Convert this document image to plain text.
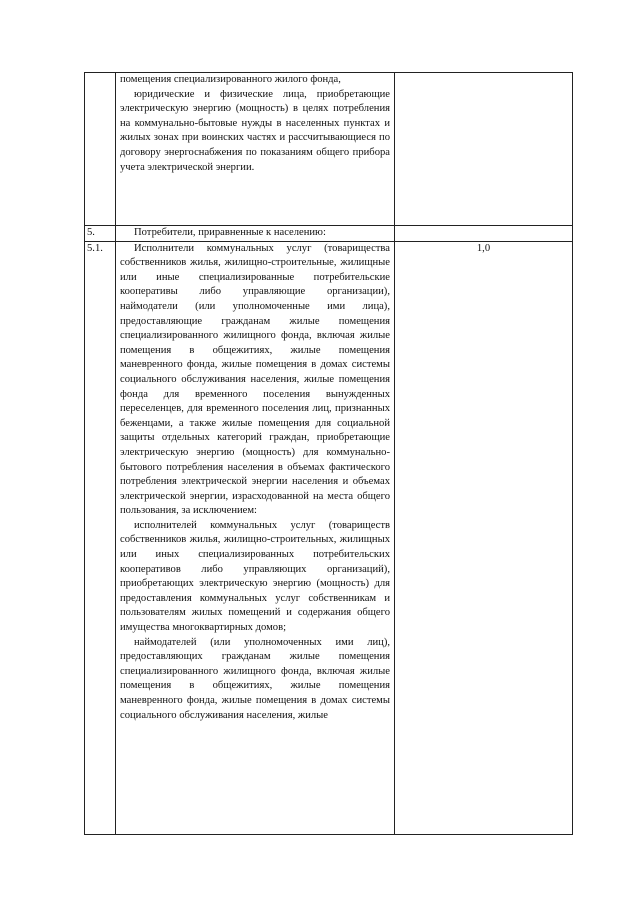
	помещения специализированного жилого фонда,

юридические и физические лица, приобретающие электрическую энергию (мощность) в целях потребления на коммунально-бытовые нужды в населенных пунктах и жилых зонах при воинских частях и рассчитывающиеся по договору энергоснабжения по показаниям общего прибора учета электрической энергии.	

5.	Потребители, приравненные к населению:	

5.1.	Исполнители коммунальных услуг (товарищества собственников жилья, жилищно-строительные, жилищные или иные специализированные потребительские кооперативы либо управляющие организации), наймодатели (или уполномоченные ими лица), предоставляющие гражданам жилые помещения специализированного жилищного фонда, включая жилые помещения в общежитиях, жилые помещения маневренного фонда, жилые помещения в домах системы социального обслуживания населения, жилые помещения фонда для временного поселения вынужденных переселенцев, для временного поселения лиц, признанных беженцами, а также жилые помещения для социальной защиты отдельных категорий граждан, приобретающие электрическую энергию (мощность) для коммунально-бытового потребления населения в объемах фактического потребления электрической энергии населения и объемах электрической энергии, израсходованной на места общего пользования, за исключением:

исполнителей коммунальных услуг (товариществ собственников жилья, жилищно-строительных, жилищных или иных специализированных потребительских кооперативов либо управляющих организаций), приобретающих электрическую энергию (мощность) для предоставления коммунальных услуг собственникам и пользователям жилых помещений и содержания общего имущества многоквартирных домов;

наймодателей (или уполномоченных ими лиц), предоставляющих гражданам жилые помещения специализированного жилищного фонда, включая жилые помещения в общежитиях, жилые помещения маневренного фонда, жилые помещения в домах системы социального обслуживания населения, жилые	1,0
